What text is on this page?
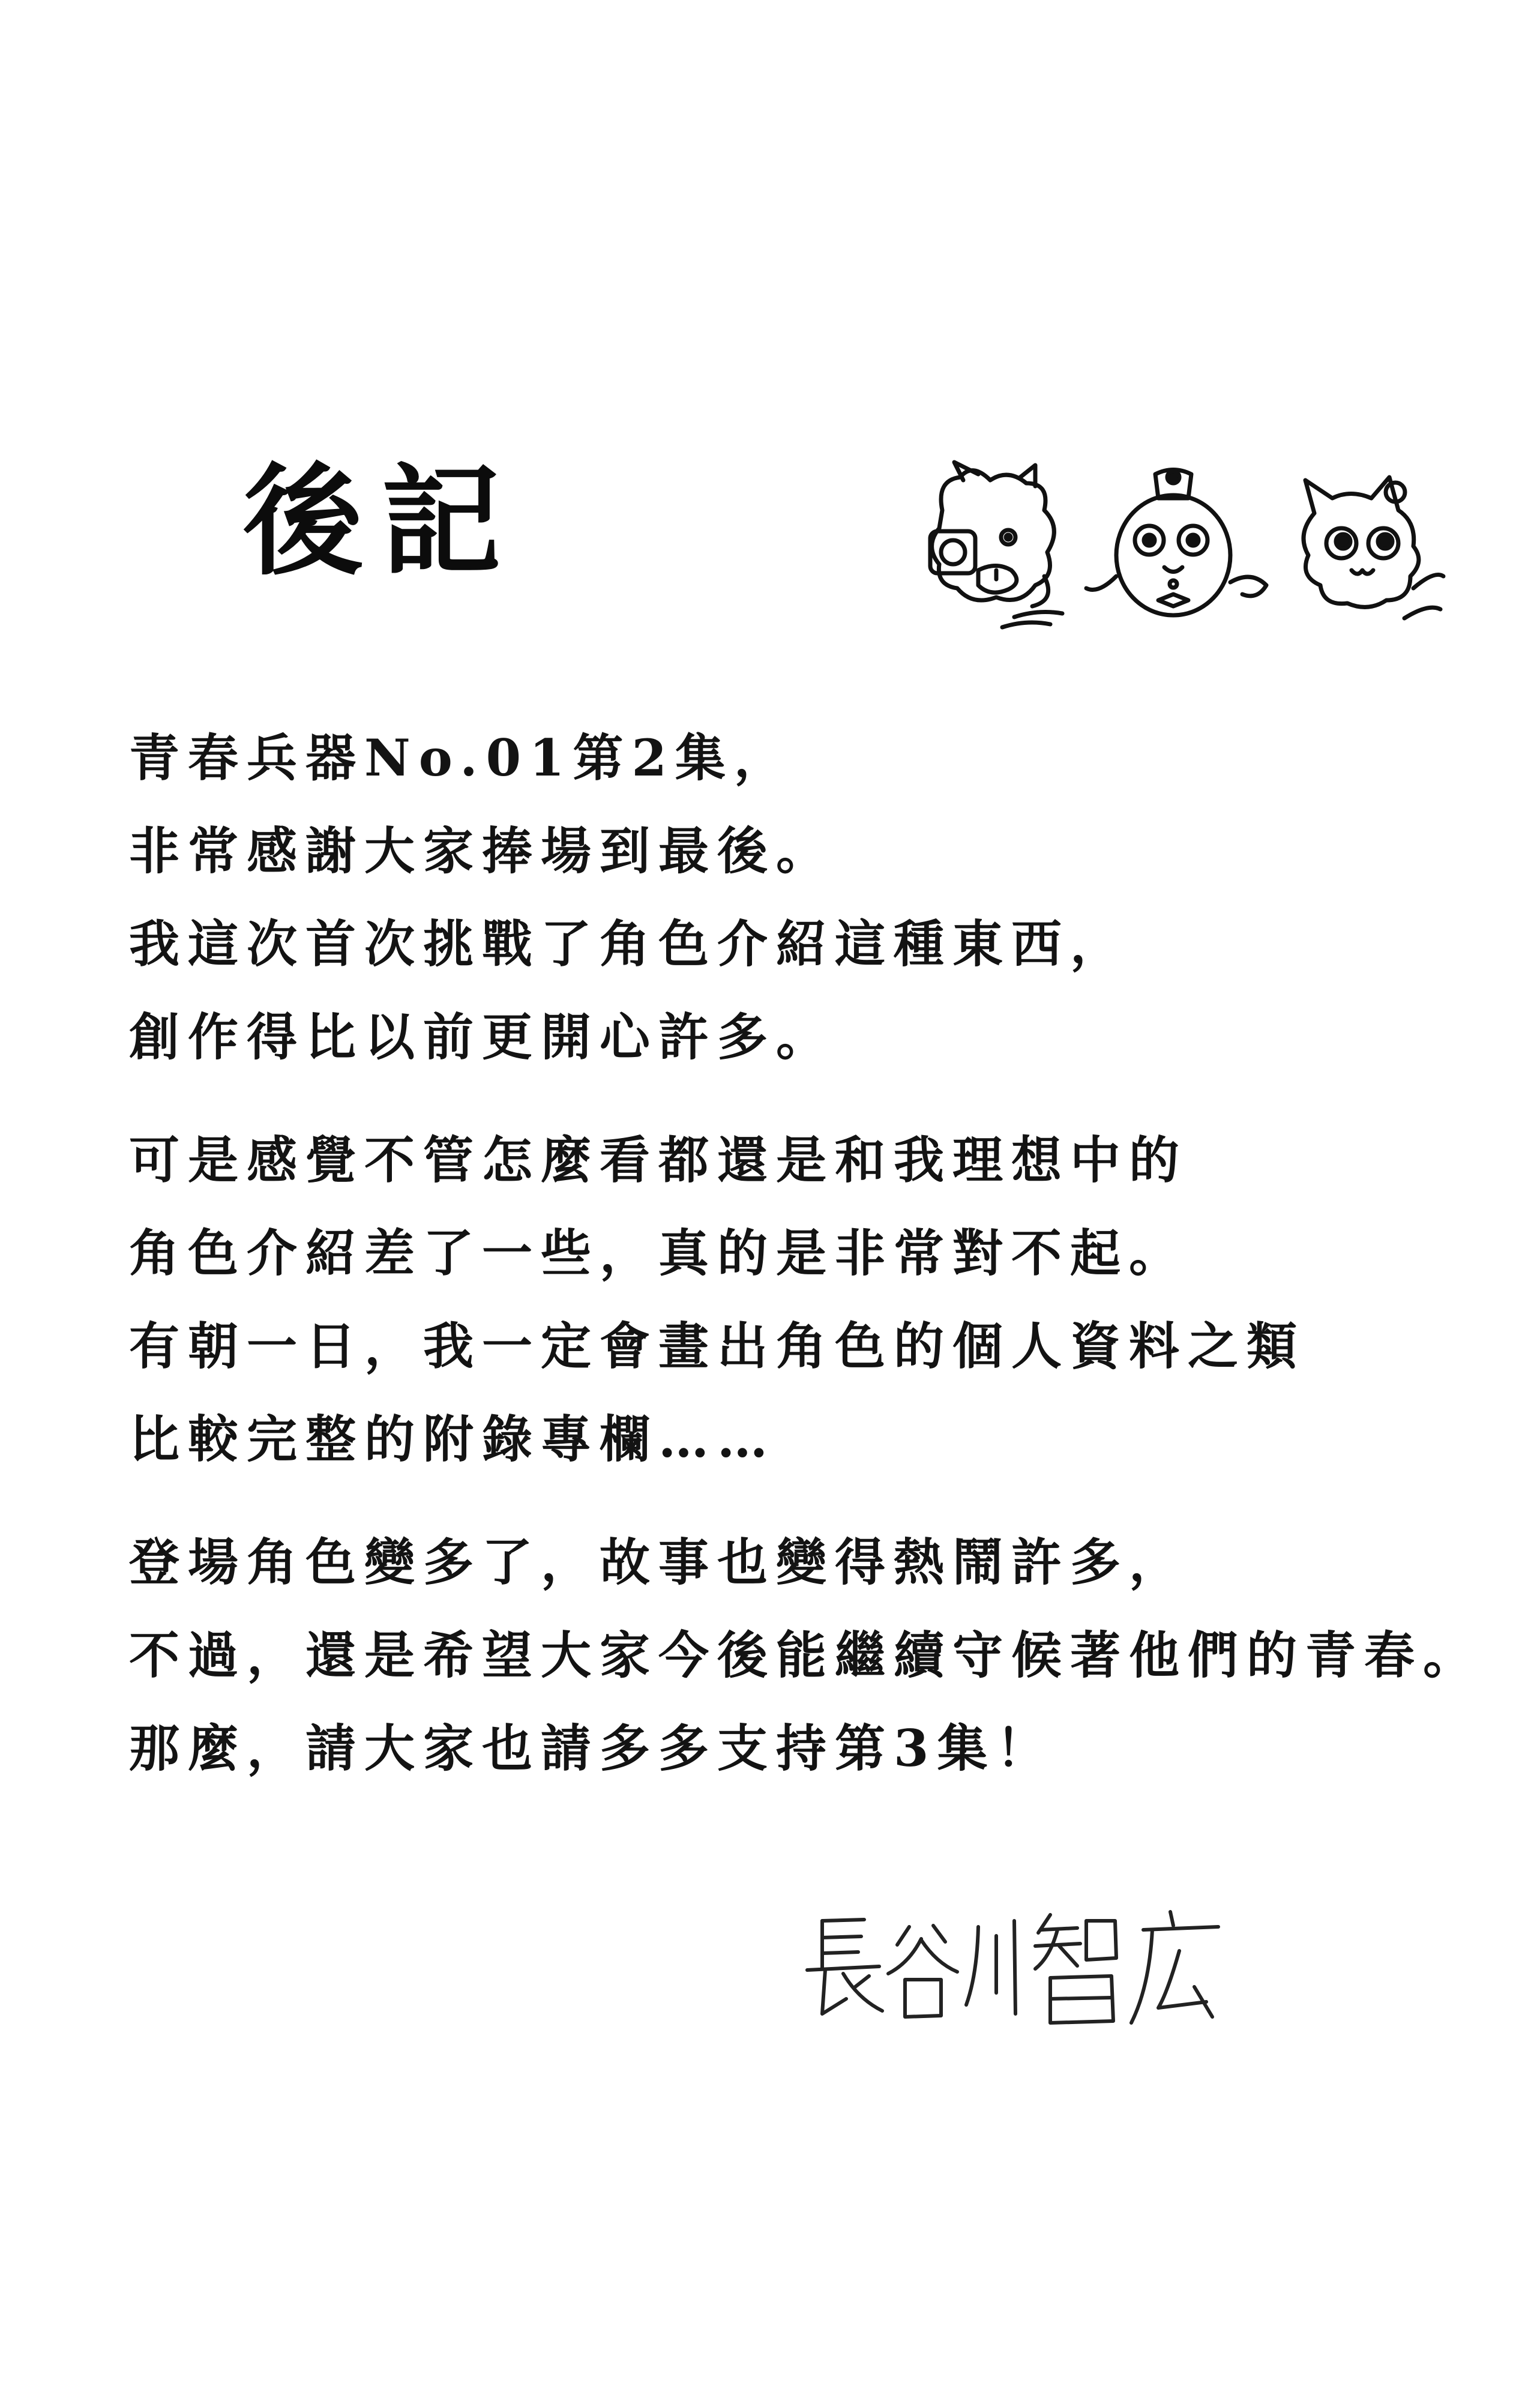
後記
青春兵器No.01第2集，
非常感謝大家捧場到最後。
我這次首次挑戰了角色介紹這種東西，
創作得比以前更開心許多。
可是感覺不管怎麼看都還是和我理想中的
角色介紹差了一些，真的是非常對不起。
有朝一日，我一定會畫出角色的個人資料之類
比較完整的附錄專欄……
登場角色變多了，故事也變得熱鬧許多，
不過，還是希望大家今後能繼續守候著他們的青春。
那麼，請大家也請多多支持第3集！
